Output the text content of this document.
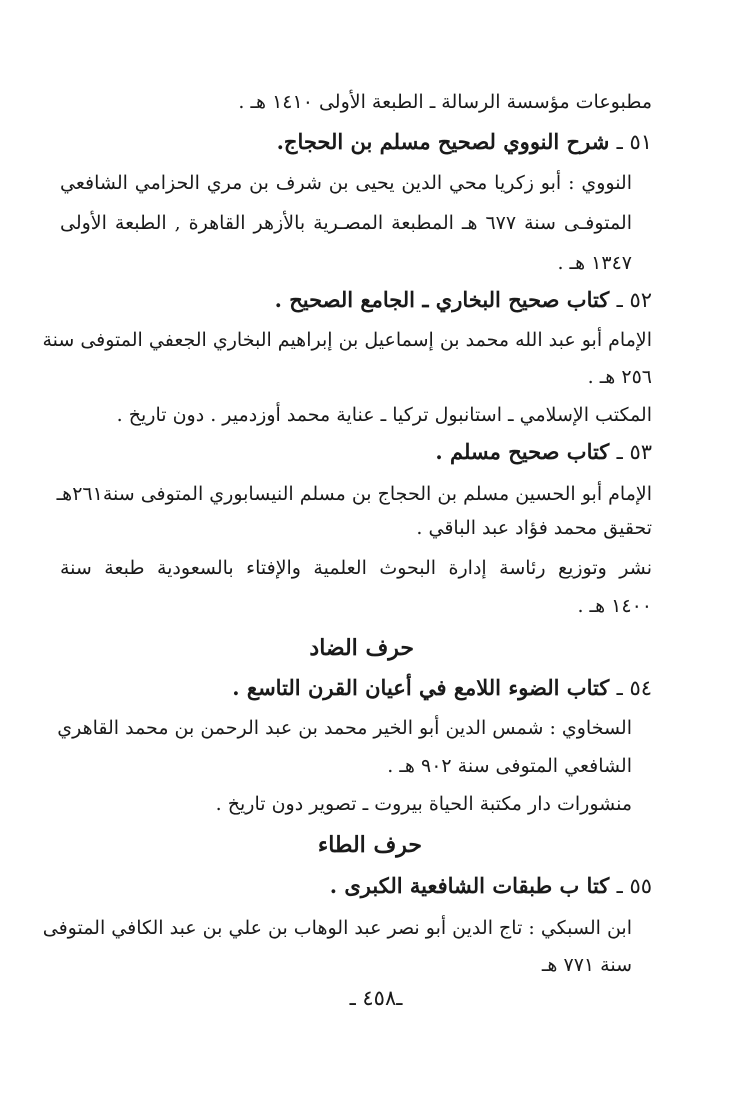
مطبوعات مؤسسة الرسالة ـ الطبعة الأولى ١٤١٠ هـ .
٥١ ـ شرح النووي لصحيح مسلم بن الحجاج.
النووي : أبو زكريا محي الدين يحيى بن شرف بن مري الحزامي الشافعي
المتوفـى سنة ٦٧٧ هـ المطبعة المصـرية بالأزهر القاهرة , الطبعة الأولى
١٣٤٧ هـ .
٥٢ ـ كتاب صحيح البخاري ـ الجامع الصحيح .
الإمام أبو عبد الله محمد بن إسماعيل بن إبراهيم البخاري الجعفي المتوفى سنة
٢٥٦ هـ .
المكتب الإسلامي ـ استانبول تركيا ـ عناية محمد أوزدمير . دون تاريخ .
٥٣ ـ كتاب صحيح مسلم .
الإمام أبو الحسين مسلم بن الحجاج بن مسلم النيسابوري المتوفى سنة٢٦١هـ
تحقيق محمد فؤاد عبد الباقي .
نشر وتوزيع رئاسة إدارة البحوث العلمية والإفتاء بالسعودية طبعة سنة
١٤٠٠ هـ .
حرف الضاد
٥٤ ـ كتاب الضوء اللامع في أعيان القرن التاسع .
السخاوي : شمس الدين أبو الخير محمد بن عبد الرحمن بن محمد القاهري
الشافعي المتوفى سنة ٩٠٢ هـ .
منشورات دار مكتبة الحياة بيروت ـ تصوير دون تاريخ .
حرف الطاء
٥٥ ـ كتا ب طبقات الشافعية الكبرى .
ابن السبكي : تاج الدين أبو نصر عبد الوهاب بن علي بن عبد الكافي المتوفى
سنة ٧٧١ هـ
ـ٤٥٨ ـ
